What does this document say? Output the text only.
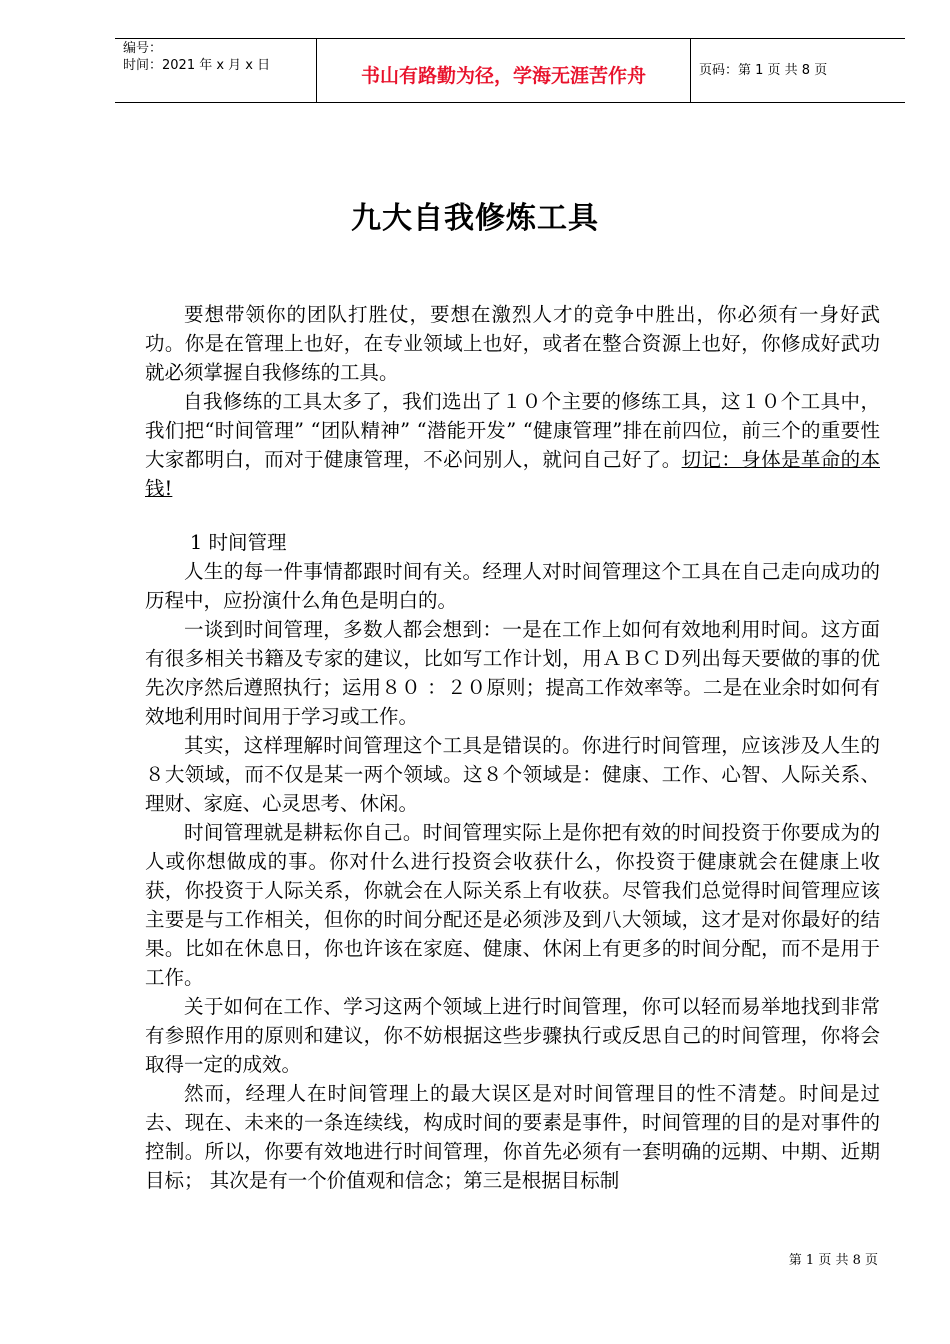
编号：
时间：2021 年 x 月 x 日	书山有路勤为径，学海无涯苦作舟	页码：第 1 页 共 8 页
九大自我修炼工具

要想带领你的团队打胜仗，要想在激烈人才的竞争中胜出，你必须有一身好武功。你是在管理上也好，在专业领域上也好，或者在整合资源上也好，你修成好武功就必须掌握自我修练的工具。

自我修练的工具太多了，我们选出了１０个主要的修练工具，这１０个工具中，我们把“时间管理” “团队精神” “潜能开发” “健康管理”排在前四位，前三个的重要性大家都明白，而对于健康管理，不必问别人，就问自己好了。切记：身体是革命的本钱!

1 时间管理

人生的每一件事情都跟时间有关。经理人对时间管理这个工具在自己走向成功的历程中，应扮演什么角色是明白的。

一谈到时间管理，多数人都会想到：一是在工作上如何有效地利用时间。这方面有很多相关书籍及专家的建议，比如写工作计划，用ＡＢＣＤ列出每天要做的事的优先次序然后遵照执行；运用８０ ：２０原则；提高工作效率等。二是在业余时如何有效地利用时间用于学习或工作。

其实，这样理解时间管理这个工具是错误的。你进行时间管理，应该涉及人生的８大领域，而不仅是某一两个领域。这８个领域是：健康、工作、心智、人际关系、理财、家庭、心灵思考、休闲。

时间管理就是耕耘你自己。时间管理实际上是你把有效的时间投资于你要成为的人或你想做成的事。你对什么进行投资会收获什么，你投资于健康就会在健康上收获，你投资于人际关系，你就会在人际关系上有收获。尽管我们总觉得时间管理应该主要是与工作相关，但你的时间分配还是必须涉及到八大领域，这才是对你最好的结果。比如在休息日，你也许该在家庭、健康、休闲上有更多的时间分配，而不是用于工作。

关于如何在工作、学习这两个领域上进行时间管理，你可以轻而易举地找到非常有参照作用的原则和建议，你不妨根据这些步骤执行或反思自己的时间管理，你将会取得一定的成效。

然而，经理人在时间管理上的最大误区是对时间管理目的性不清楚。时间是过去、现在、未来的一条连续线，构成时间的要素是事件，时间管理的目的是对事件的控制。所以，你要有效地进行时间管理，你首先必须有一套明确的远期、中期、近期目标； 其次是有一个价值观和信念；第三是根据目标制

第 1 页 共 8 页
